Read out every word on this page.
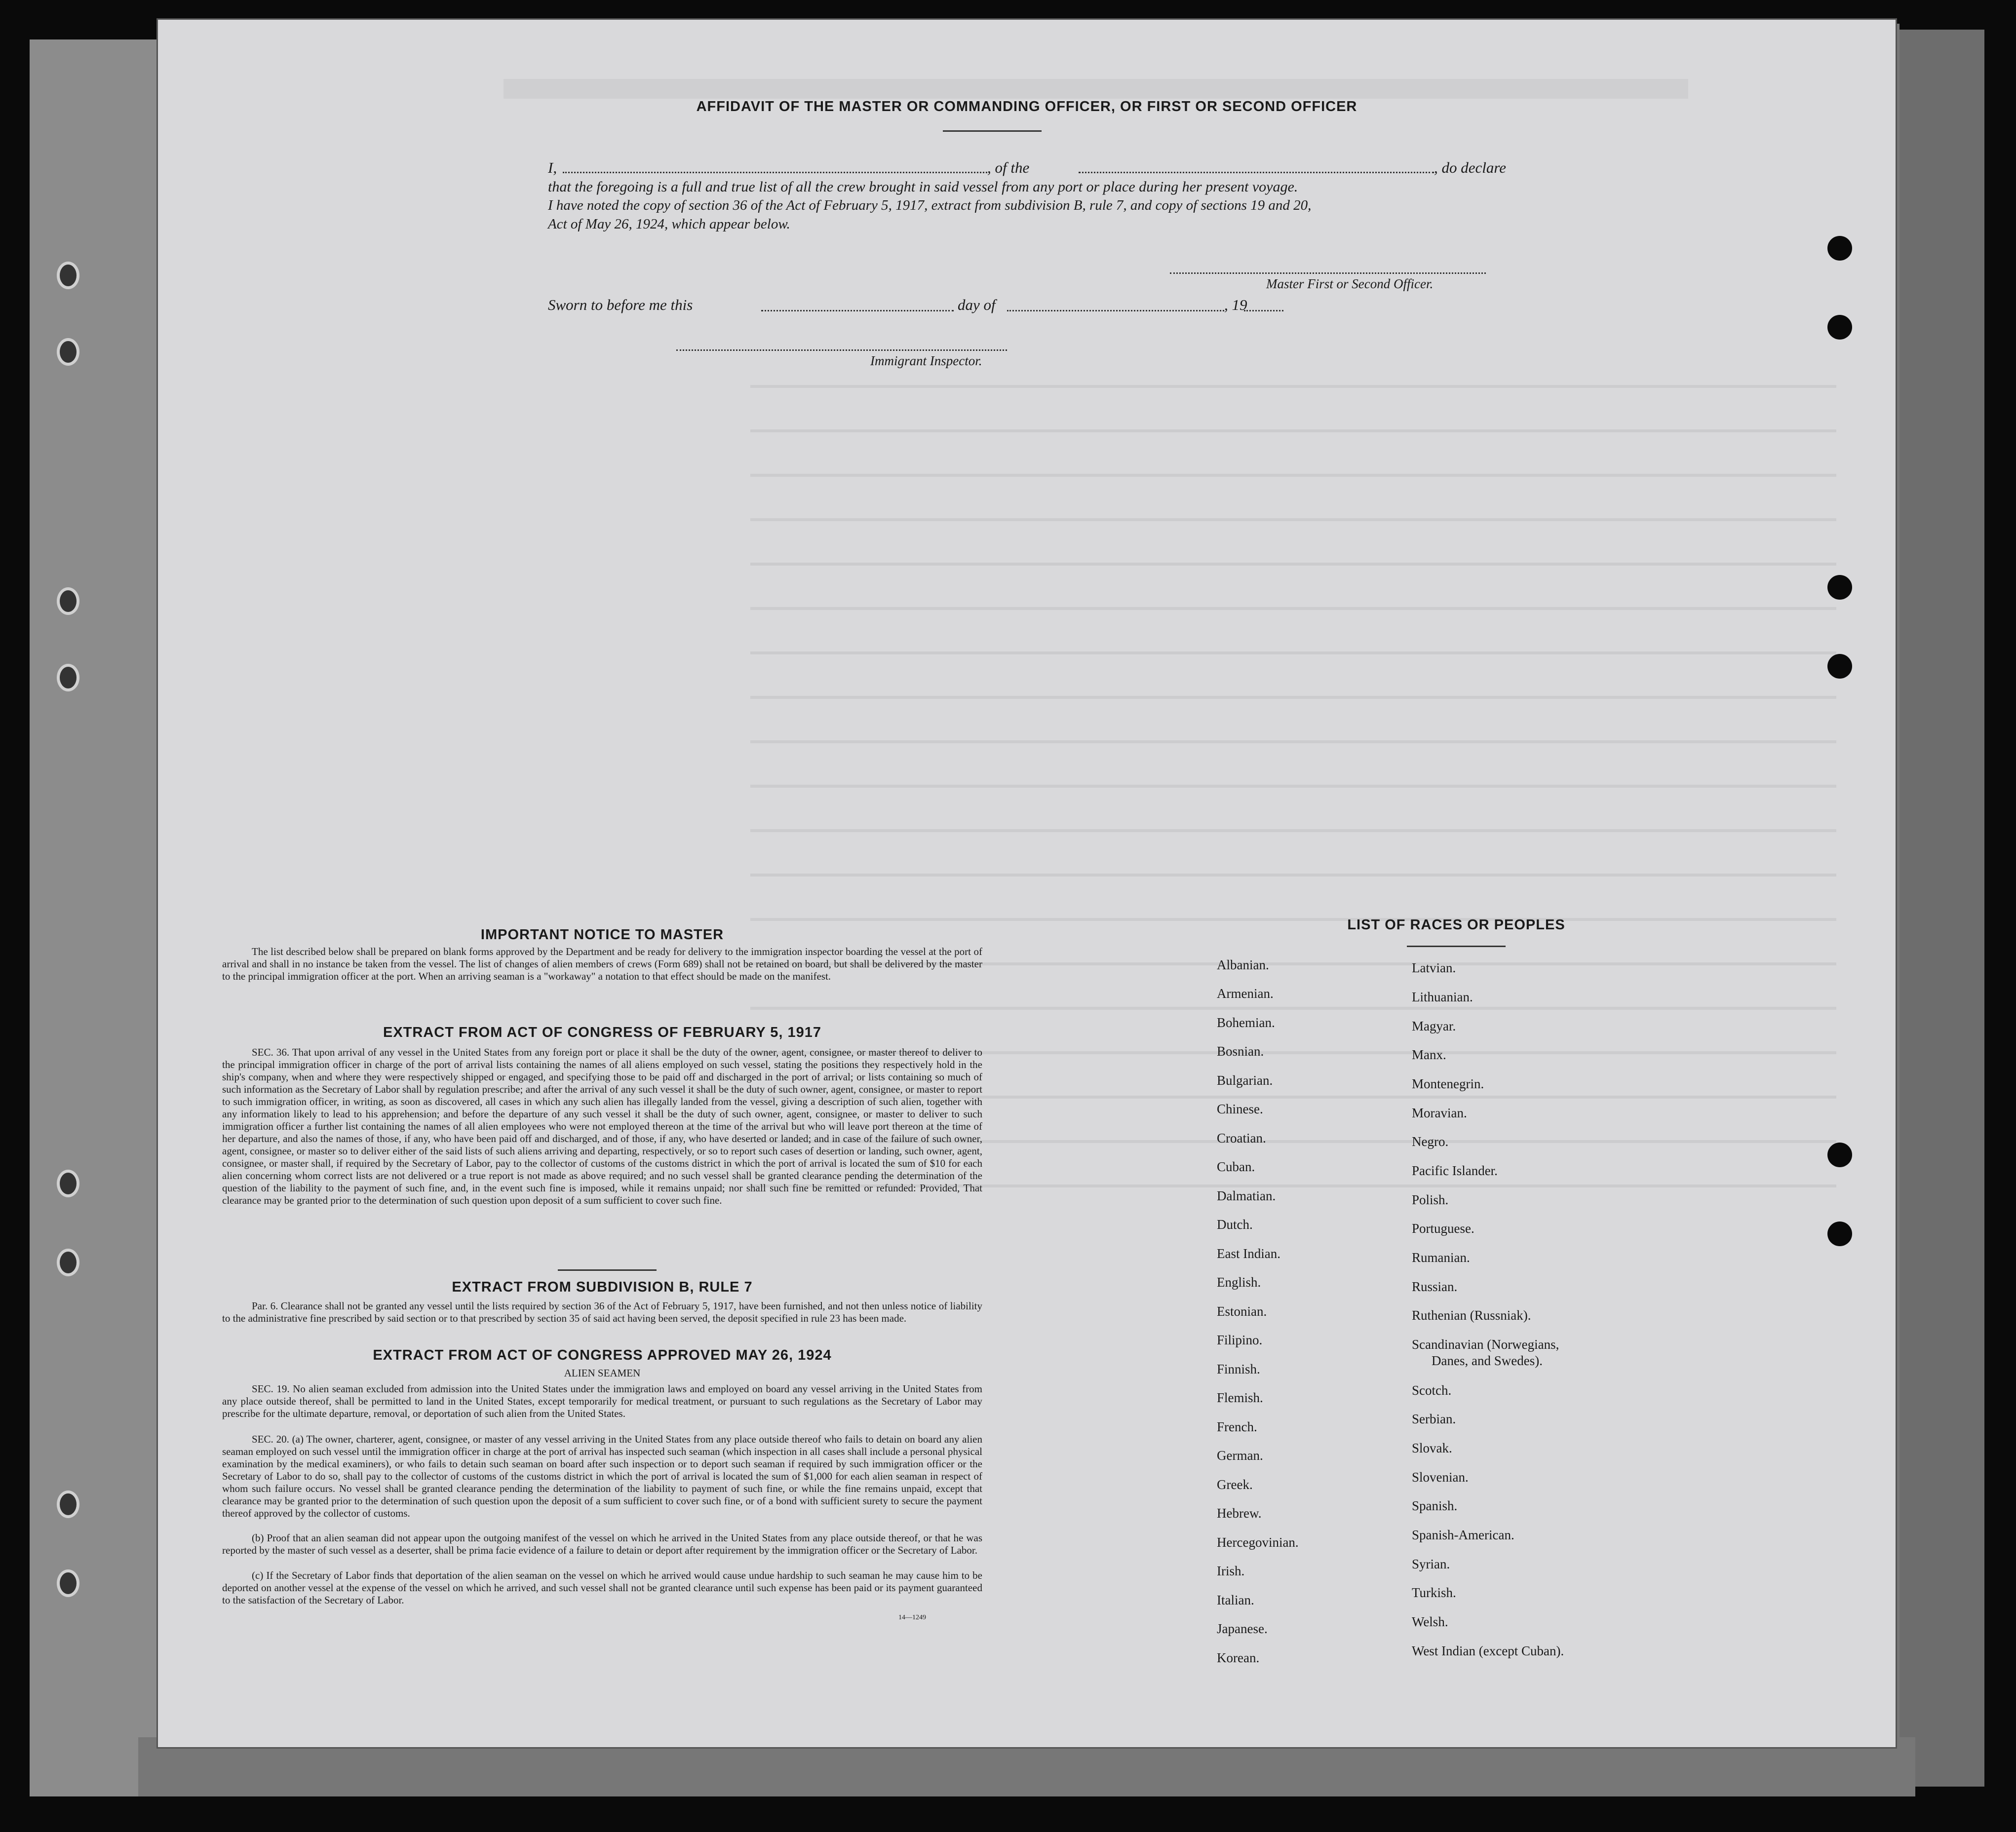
AFFIDAVIT OF THE MASTER OR COMMANDING OFFICER, OR FIRST OR SECOND OFFICER
I,	, of the	, do declare
that the foregoing is a full and true list of all the crew brought in said vessel from any port or place during her present voyage.
I have noted the copy of section 36 of the Act of February 5, 1917, extract from subdivision B, rule 7, and copy of sections 19 and 20,
Act of May 26, 1924, which appear below.
Master First or Second Officer.
Sworn to before me this	day of	, 19
Immigrant Inspector.
IMPORTANT NOTICE TO MASTER
The list described below shall be prepared on blank forms approved by the Department and be ready for delivery to the immigration inspector boarding the vessel at the port of arrival and shall in no instance be taken from the vessel. The list of changes of alien members of crews (Form 689) shall not be retained on board, but shall be delivered by the master to the principal immigration officer at the port. When an arriving seaman is a "workaway" a notation to that effect should be made on the manifest.
EXTRACT FROM ACT OF CONGRESS OF FEBRUARY 5, 1917
SEC. 36. That upon arrival of any vessel in the United States from any foreign port or place it shall be the duty of the owner, agent, consignee, or master thereof to deliver to the principal immigration officer in charge of the port of arrival lists containing the names of all aliens employed on such vessel, stating the positions they respectively hold in the ship's company, when and where they were respectively shipped or engaged, and specifying those to be paid off and discharged in the port of arrival; or lists containing so much of such information as the Secretary of Labor shall by regulation prescribe; and after the arrival of any such vessel it shall be the duty of such owner, agent, consignee, or master to report to such immigration officer, in writing, as soon as discovered, all cases in which any such alien has illegally landed from the vessel, giving a description of such alien, together with any information likely to lead to his apprehension; and before the departure of any such vessel it shall be the duty of such owner, agent, consignee, or master to deliver to such immigration officer a further list containing the names of all alien employees who were not employed thereon at the time of the arrival but who will leave port thereon at the time of her departure, and also the names of those, if any, who have been paid off and discharged, and of those, if any, who have deserted or landed; and in case of the failure of such owner, agent, consignee, or master so to deliver either of the said lists of such aliens arriving and departing, respectively, or so to report such cases of desertion or landing, such owner, agent, consignee, or master shall, if required by the Secretary of Labor, pay to the collector of customs of the customs district in which the port of arrival is located the sum of $10 for each alien concerning whom correct lists are not delivered or a true report is not made as above required; and no such vessel shall be granted clearance pending the determination of the question of the liability to the payment of such fine, and, in the event such fine is imposed, while it remains unpaid; nor shall such fine be remitted or refunded: Provided, That clearance may be granted prior to the determination of such question upon deposit of a sum sufficient to cover such fine.
EXTRACT FROM SUBDIVISION B, RULE 7
Par. 6. Clearance shall not be granted any vessel until the lists required by section 36 of the Act of February 5, 1917, have been furnished, and not then unless notice of liability to the administrative fine prescribed by said section or to that prescribed by section 35 of said act having been served, the deposit specified in rule 23 has been made.
EXTRACT FROM ACT OF CONGRESS APPROVED MAY 26, 1924
ALIEN SEAMEN
SEC. 19. No alien seaman excluded from admission into the United States under the immigration laws and employed on board any vessel arriving in the United States from any place outside thereof, shall be permitted to land in the United States, except temporarily for medical treatment, or pursuant to such regulations as the Secretary of Labor may prescribe for the ultimate departure, removal, or deportation of such alien from the United States.
SEC. 20. (a) The owner, charterer, agent, consignee, or master of any vessel arriving in the United States from any place outside thereof who fails to detain on board any alien seaman employed on such vessel until the immigration officer in charge at the port of arrival has inspected such seaman (which inspection in all cases shall include a personal physical examination by the medical examiners), or who fails to detain such seaman on board after such inspection or to deport such seaman if required by such immigration officer or the Secretary of Labor to do so, shall pay to the collector of customs of the customs district in which the port of arrival is located the sum of $1,000 for each alien seaman in respect of whom such failure occurs. No vessel shall be granted clearance pending the determination of the liability to payment of such fine, or while the fine remains unpaid, except that clearance may be granted prior to the determination of such question upon the deposit of a sum sufficient to cover such fine, or of a bond with sufficient surety to secure the payment thereof approved by the collector of customs.
(b) Proof that an alien seaman did not appear upon the outgoing manifest of the vessel on which he arrived in the United States from any place outside thereof, or that he was reported by the master of such vessel as a deserter, shall be prima facie evidence of a failure to detain or deport after requirement by the immigration officer or the Secretary of Labor.
(c) If the Secretary of Labor finds that deportation of the alien seaman on the vessel on which he arrived would cause undue hardship to such seaman he may cause him to be deported on another vessel at the expense of the vessel on which he arrived, and such vessel shall not be granted clearance until such expense has been paid or its payment guaranteed to the satisfaction of the Secretary of Labor.
14—1249
LIST OF RACES OR PEOPLES
Albanian.
Armenian.
Bohemian.
Bosnian.
Bulgarian.
Chinese.
Croatian.
Cuban.
Dalmatian.
Dutch.
East Indian.
English.
Estonian.
Filipino.
Finnish.
Flemish.
French.
German.
Greek.
Hebrew.
Hercegovinian.
Irish.
Italian.
Japanese.
Korean.
Latvian.
Lithuanian.
Magyar.
Manx.
Montenegrin.
Moravian.
Negro.
Pacific Islander.
Polish.
Portuguese.
Rumanian.
Russian.
Ruthenian (Russniak).
Scandinavian (Norwegians,
Danes, and Swedes).
Scotch.
Serbian.
Slovak.
Slovenian.
Spanish.
Spanish-American.
Syrian.
Turkish.
Welsh.
West Indian (except Cuban).
